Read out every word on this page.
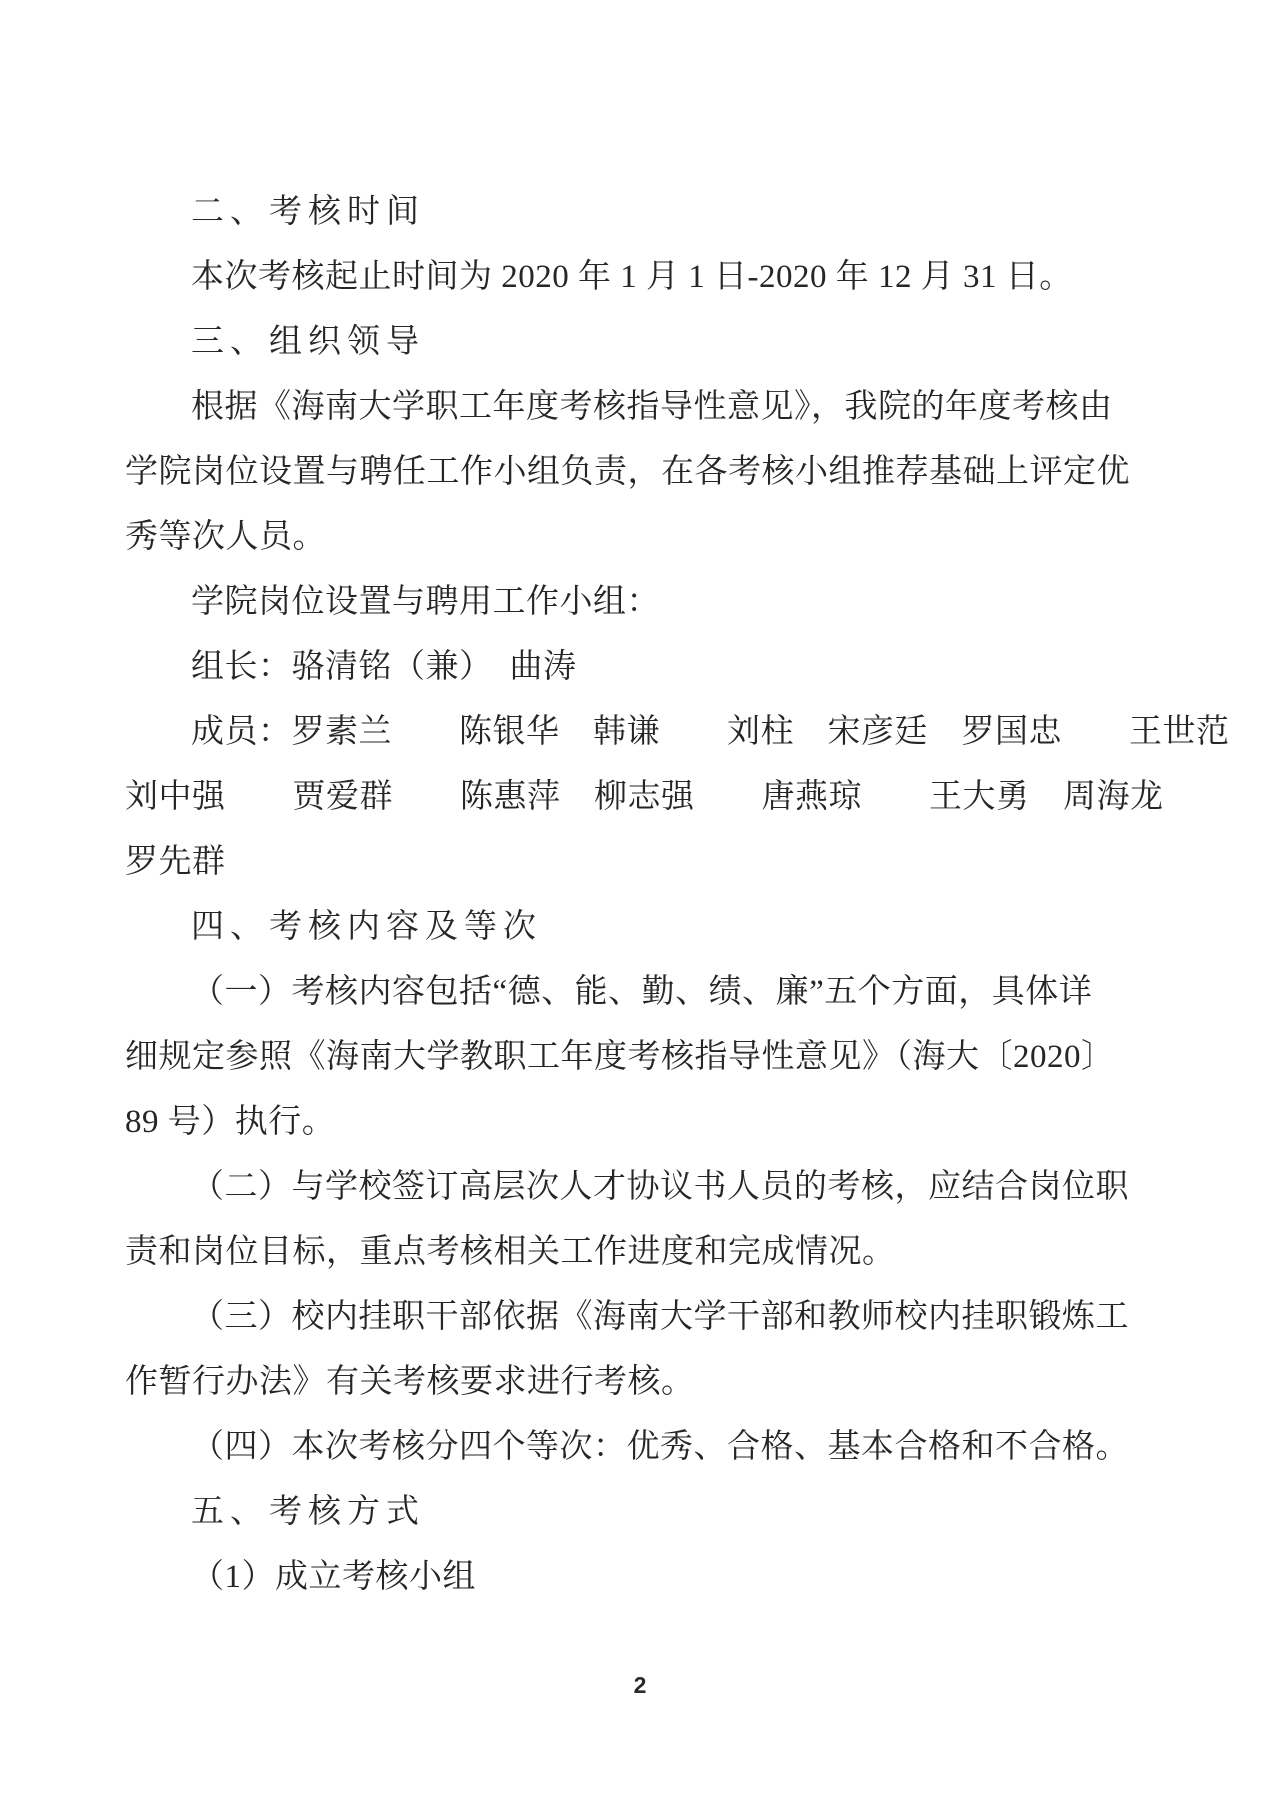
二、考核时间

本次考核起止时间为 2020 年 1 月 1 日-2020 年 12 月 31 日。

三、组织领导

根据《海南大学职工年度考核指导性意见》，我院的年度考核由

学院岗位设置与聘任工作小组负责，在各考核小组推荐基础上评定优

秀等次人员。

学院岗位设置与聘用工作小组：

组长：骆清铭（兼）　曲涛

成员：罗素兰　　陈银华　韩谦　　刘柱　宋彦廷　罗国忠　　王世范

刘中强　　贾爱群　　陈惠萍　柳志强　　唐燕琼　　王大勇　周海龙

罗先群

四、考核内容及等次

（一）考核内容包括“德、能、勤、绩、廉”五个方面，具体详

细规定参照《海南大学教职工年度考核指导性意见》（海大〔2020〕

89 号）执行。

（二）与学校签订高层次人才协议书人员的考核，应结合岗位职

责和岗位目标，重点考核相关工作进度和完成情况。

（三）校内挂职干部依据《海南大学干部和教师校内挂职锻炼工

作暂行办法》有关考核要求进行考核。

（四）本次考核分四个等次：优秀、合格、基本合格和不合格。

五、考核方式

（1）成立考核小组

2
